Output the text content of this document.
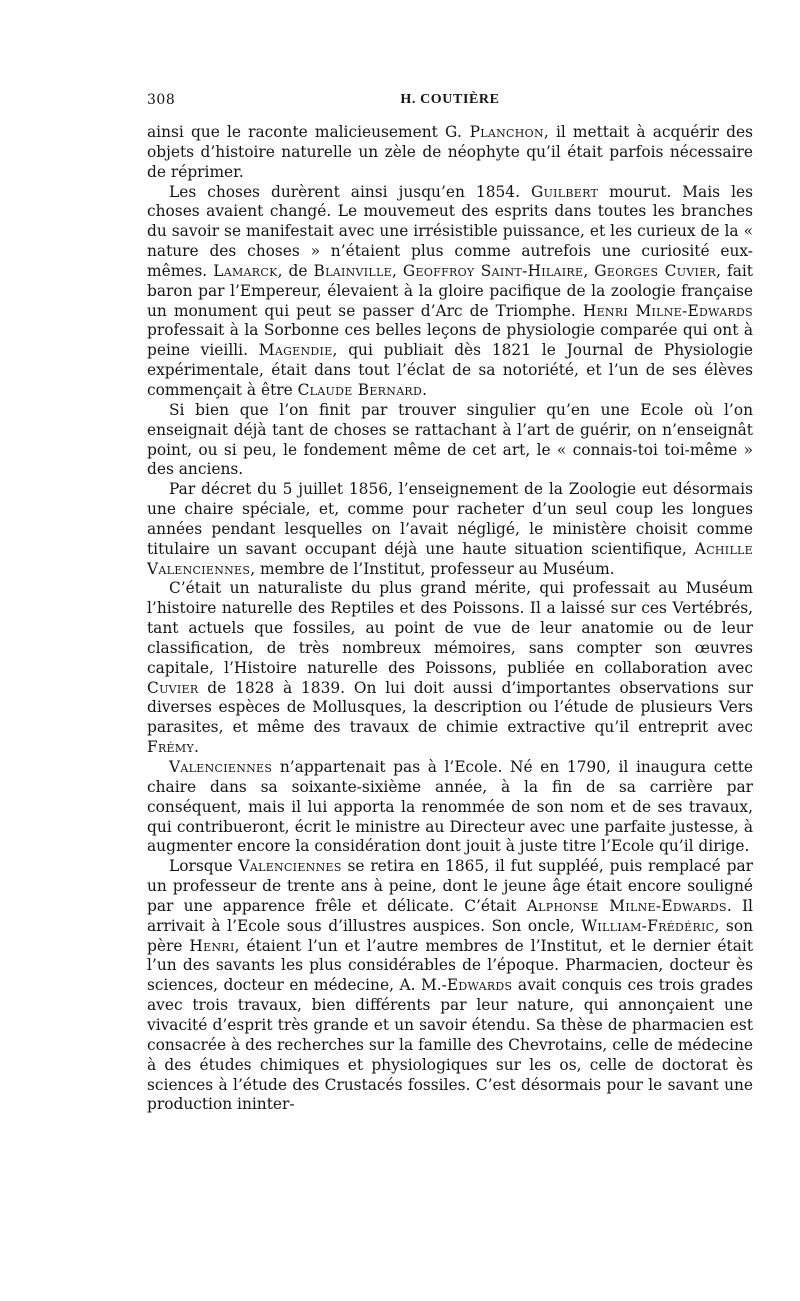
308	H. COUTIÈRE

ainsi que le raconte malicieusement G. Planchon, il mettait à acquérir des objets d’histoire naturelle un zèle de néophyte qu’il était parfois nécessaire de réprimer.

Les choses durèrent ainsi jusqu’en 1854. Guilbert mourut. Mais les choses avaient changé. Le mouvemeut des esprits dans toutes les branches du savoir se manifestait avec une irrésistible puissance, et les curieux de la « nature des choses » n’étaient plus comme autrefois une curiosité eux-mêmes. Lamarck, de Blainville, Geoffroy Saint-Hilaire, Georges Cuvier, fait baron par l’Empereur, élevaient à la gloire pacifique de la zoologie française un monument qui peut se passer d’Arc de Triomphe. Henri Milne-Edwards professait à la Sorbonne ces belles leçons de physiologie comparée qui ont à peine vieilli. Magendie, qui publiait dès 1821 le Journal de Physiologie expérimentale, était dans tout l’éclat de sa notoriété, et l’un de ses élèves commençait à être Claude Bernard.

Si bien que l’on finit par trouver singulier qu’en une Ecole où l’on enseignait déjà tant de choses se rattachant à l’art de guérir, on n’enseignât point, ou si peu, le fondement même de cet art, le « connais-toi toi-même » des anciens.

Par décret du 5 juillet 1856, l’enseignement de la Zoologie eut désormais une chaire spéciale, et, comme pour racheter d’un seul coup les longues années pendant lesquelles on l’avait négligé, le ministère choisit comme titulaire un savant occupant déjà une haute situation scientifique, Achille Valenciennes, membre de l’Institut, professeur au Muséum.

C’était un naturaliste du plus grand mérite, qui professait au Muséum l’histoire naturelle des Reptiles et des Poissons. Il a laissé sur ces Vertébrés, tant actuels que fossiles, au point de vue de leur anatomie ou de leur classification, de très nombreux mémoires, sans compter son œuvres capitale, l’Histoire naturelle des Poissons, publiée en collaboration avec Cuvier de 1828 à 1839. On lui doit aussi d’importantes observations sur diverses espèces de Mollusques, la description ou l’étude de plusieurs Vers parasites, et même des travaux de chimie extractive qu’il entreprit avec Frémy.

Valenciennes n’appartenait pas à l’Ecole. Né en 1790, il inaugura cette chaire dans sa soixante-sixième année, à la fin de sa carrière par conséquent, mais il lui apporta la renommée de son nom et de ses travaux, qui contribueront, écrit le ministre au Directeur avec une parfaite justesse, à augmenter encore la considération dont jouit à juste titre l’Ecole qu’il dirige.

Lorsque Valenciennes se retira en 1865, il fut suppléé, puis remplacé par un professeur de trente ans à peine, dont le jeune âge était encore souligné par une apparence frêle et délicate. C’était Alphonse Milne-Edwards. Il arrivait à l’Ecole sous d’illustres auspices. Son oncle, William-Frédéric, son père Henri, étaient l’un et l’autre membres de l’Institut, et le dernier était l’un des savants les plus considérables de l’époque. Pharmacien, docteur ès sciences, docteur en médecine, A. M.-Edwards avait conquis ces trois grades avec trois travaux, bien différents par leur nature, qui annonçaient une vivacité d’esprit très grande et un savoir étendu. Sa thèse de pharmacien est consacrée à des recherches sur la famille des Chevrotains, celle de médecine à des études chimiques et physiologiques sur les os, celle de doctorat ès sciences à l’étude des Crustacés fossiles. C’est désormais pour le savant une production ininter-
